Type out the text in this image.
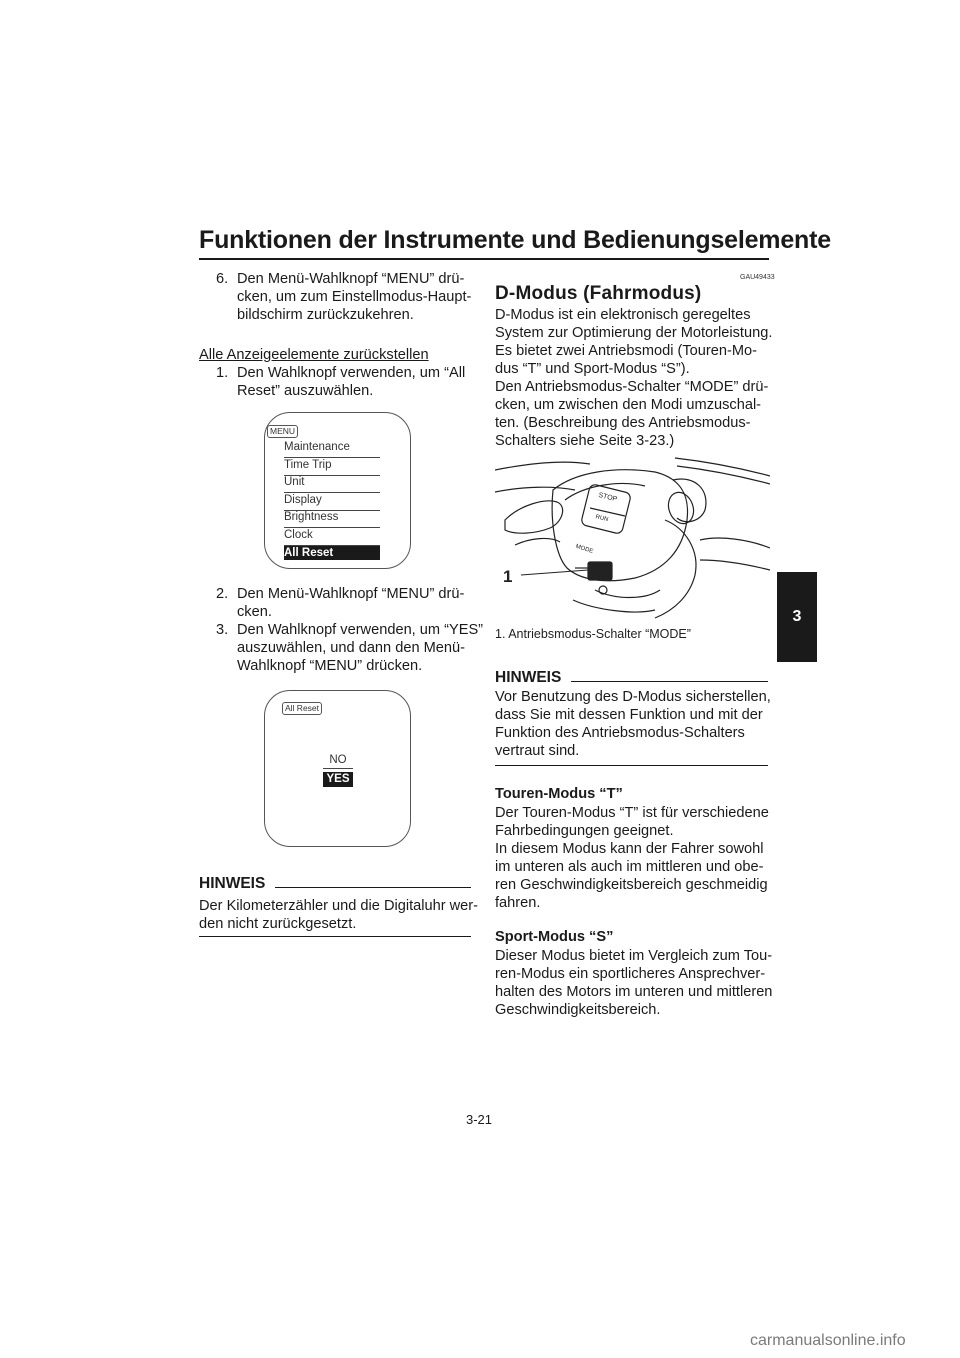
Funktionen der Instrumente und Bedienungselemente
3
6. Den Menü-Wahlknopf “MENU” drü-
cken, um zum Einstellmodus-Haupt-
bildschirm zurückzukehren.
Alle Anzeigeelemente zurückstellen
1. Den Wahlknopf verwenden, um “All
Reset” auszuwählen.
MENU
Maintenance
Time Trip
Unit
Display
Brightness
Clock
All Reset
2. Den Menü-Wahlknopf “MENU” drü-
cken.
3. Den Wahlknopf verwenden, um “YES”
auszuwählen, und dann den Menü-
Wahlknopf “MENU” drücken.
All Reset
NO
YES
HINWEIS
Der Kilometerzähler und die Digitaluhr wer-
den nicht zurückgesetzt.
GAU49433
D-Modus (Fahrmodus)
D-Modus ist ein elektronisch geregeltes
System zur Optimierung der Motorleistung.
Es bietet zwei Antriebsmodi (Touren-Mo-
dus “T” und Sport-Modus “S”).
Den Antriebsmodus-Schalter “MODE” drü-
cken, um zwischen den Modi umzuschal-
ten. (Beschreibung des Antriebsmodus-
Schalters siehe Seite 3-23.)
STOP
RUN
MODE
1
1. Antriebsmodus-Schalter “MODE”
HINWEIS
Vor Benutzung des D-Modus sicherstellen,
dass Sie mit dessen Funktion und mit der
Funktion des Antriebsmodus-Schalters
vertraut sind.
Touren-Modus “T”
Der Touren-Modus “T” ist für verschiedene
Fahrbedingungen geeignet.
In diesem Modus kann der Fahrer sowohl
im unteren als auch im mittleren und obe-
ren Geschwindigkeitsbereich geschmeidig
fahren.
Sport-Modus “S”
Dieser Modus bietet im Vergleich zum Tou-
ren-Modus ein sportlicheres Ansprechver-
halten des Motors im unteren und mittleren
Geschwindigkeitsbereich.
3-21
carmanualsonline.info
